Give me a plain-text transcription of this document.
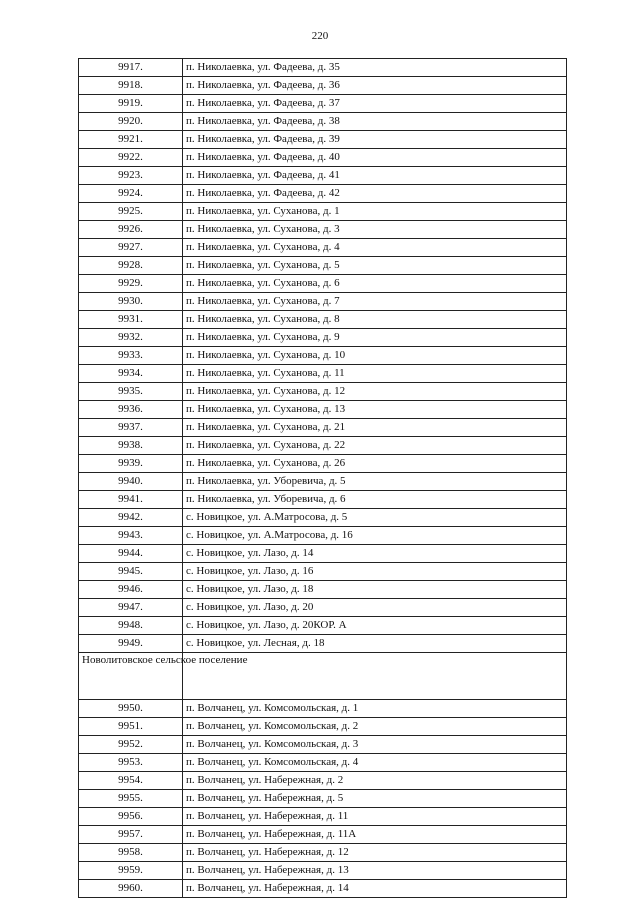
220
9917.	п. Николаевка, ул. Фадеева, д. 35
9918.	п. Николаевка, ул. Фадеева, д. 36
9919.	п. Николаевка, ул. Фадеева, д. 37
9920.	п. Николаевка, ул. Фадеева, д. 38
9921.	п. Николаевка, ул. Фадеева, д. 39
9922.	п. Николаевка, ул. Фадеева, д. 40
9923.	п. Николаевка, ул. Фадеева, д. 41
9924.	п. Николаевка, ул. Фадеева, д. 42
9925.	п. Николаевка, ул. Суханова, д. 1
9926.	п. Николаевка, ул. Суханова, д. 3
9927.	п. Николаевка, ул. Суханова, д. 4
9928.	п. Николаевка, ул. Суханова, д. 5
9929.	п. Николаевка, ул. Суханова, д. 6
9930.	п. Николаевка, ул. Суханова, д. 7
9931.	п. Николаевка, ул. Суханова, д. 8
9932.	п. Николаевка, ул. Суханова, д. 9
9933.	п. Николаевка, ул. Суханова, д. 10
9934.	п. Николаевка, ул. Суханова, д. 11
9935.	п. Николаевка, ул. Суханова, д. 12
9936.	п. Николаевка, ул. Суханова, д. 13
9937.	п. Николаевка, ул. Суханова, д. 21
9938.	п. Николаевка, ул. Суханова, д. 22
9939.	п. Николаевка, ул. Суханова, д. 26
9940.	п. Николаевка, ул. Уборевича, д. 5
9941.	п. Николаевка, ул. Уборевича, д. 6
9942.	с. Новицкое, ул. А.Матросова, д. 5
9943.	с. Новицкое, ул. А.Матросова, д. 16
9944.	с. Новицкое, ул. Лазо, д. 14
9945.	с. Новицкое, ул. Лазо, д. 16
9946.	с. Новицкое, ул. Лазо, д. 18
9947.	с. Новицкое, ул. Лазо, д. 20
9948.	с. Новицкое, ул. Лазо, д. 20КОР. А
9949.	с. Новицкое, ул. Лесная, д. 18
Новолитовское сельское поселение	
9950.	п. Волчанец, ул. Комсомольская, д. 1
9951.	п. Волчанец, ул. Комсомольская, д. 2
9952.	п. Волчанец, ул. Комсомольская, д. 3
9953.	п. Волчанец, ул. Комсомольская, д. 4
9954.	п. Волчанец, ул. Набережная, д. 2
9955.	п. Волчанец, ул. Набережная, д. 5
9956.	п. Волчанец, ул. Набережная, д. 11
9957.	п. Волчанец, ул. Набережная, д. 11А
9958.	п. Волчанец, ул. Набережная, д. 12
9959.	п. Волчанец, ул. Набережная, д. 13
9960.	п. Волчанец, ул. Набережная, д. 14
